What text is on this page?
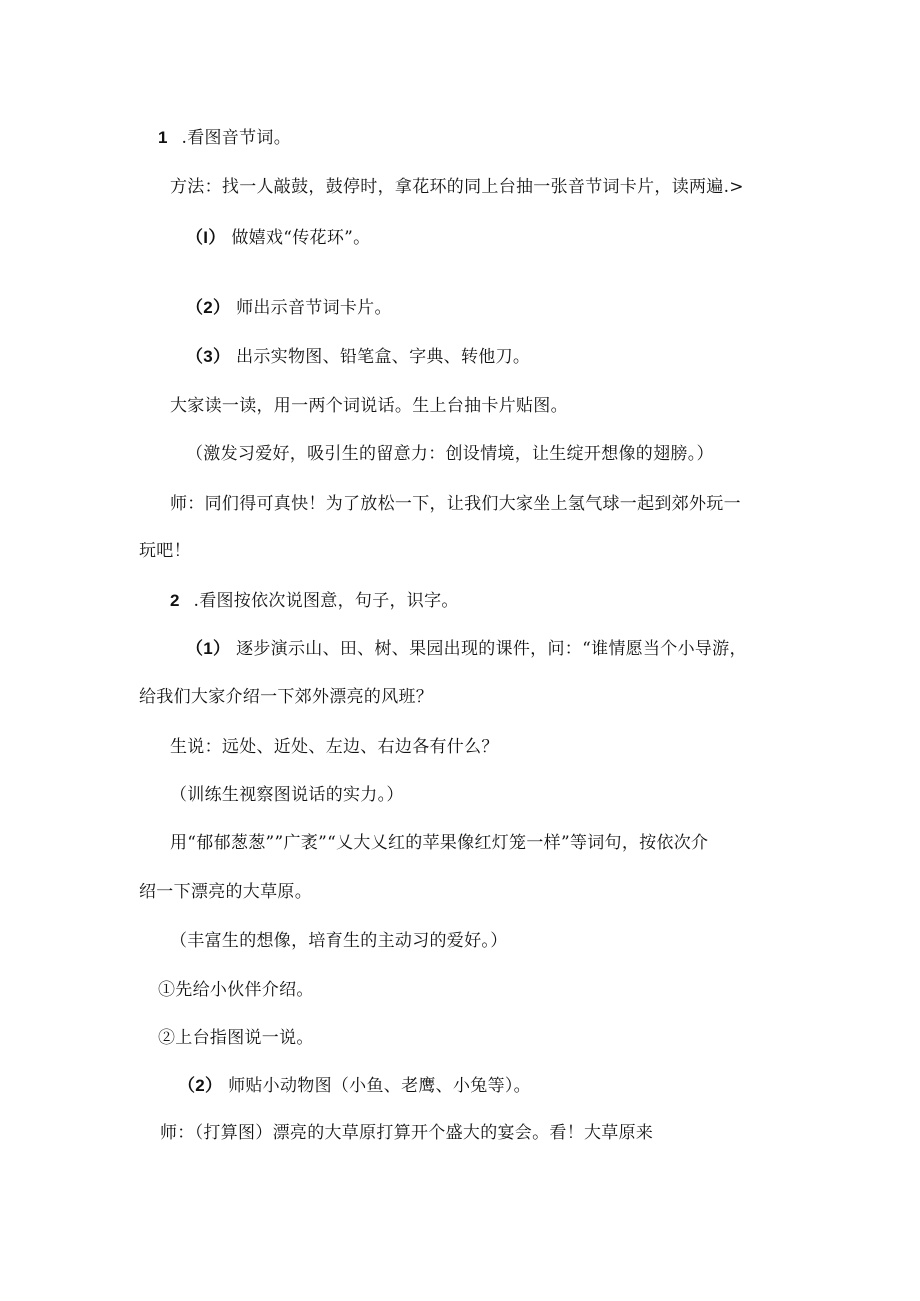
1 .看图音节词。
方法：找一人敲鼓，鼓停时，拿花环的同上台抽一张音节词卡片，读两遍.>
（I） 做嬉戏“传花环”。
（2） 师出示音节词卡片。
（3） 出示实物图、铅笔盒、字典、转他刀。
大家读一读，用一两个词说话。生上台抽卡片贴图。
（激发习爱好，吸引生的留意力：创设情境，让生绽开想像的翅膀。）
师：同们得可真快！为了放松一下，让我们大家坐上氢气球一起到郊外玩一
玩吧！
2 .看图按依次说图意，句子，识字。
（1） 逐步演示山、田、树、果园出现的课件，问：“谁情愿当个小导游，
给我们大家介绍一下郊外漂亮的风班？
生说：远处、近处、左边、右边各有什么？
（训练生视察图说话的实力。）
用“郁郁葱葱””广袤”“乂大乂红的苹果像红灯笼一样”等词句，按依次介
绍一下漂亮的大草原。
（丰富生的想像，培育生的主动习的爱好。）
①先给小伙伴介绍。
②上台指图说一说。
（2） 师贴小动物图（小鱼、老鹰、小兔等）。
师：（打算图）漂亮的大草原打算开个盛大的宴会。看！大草原来
